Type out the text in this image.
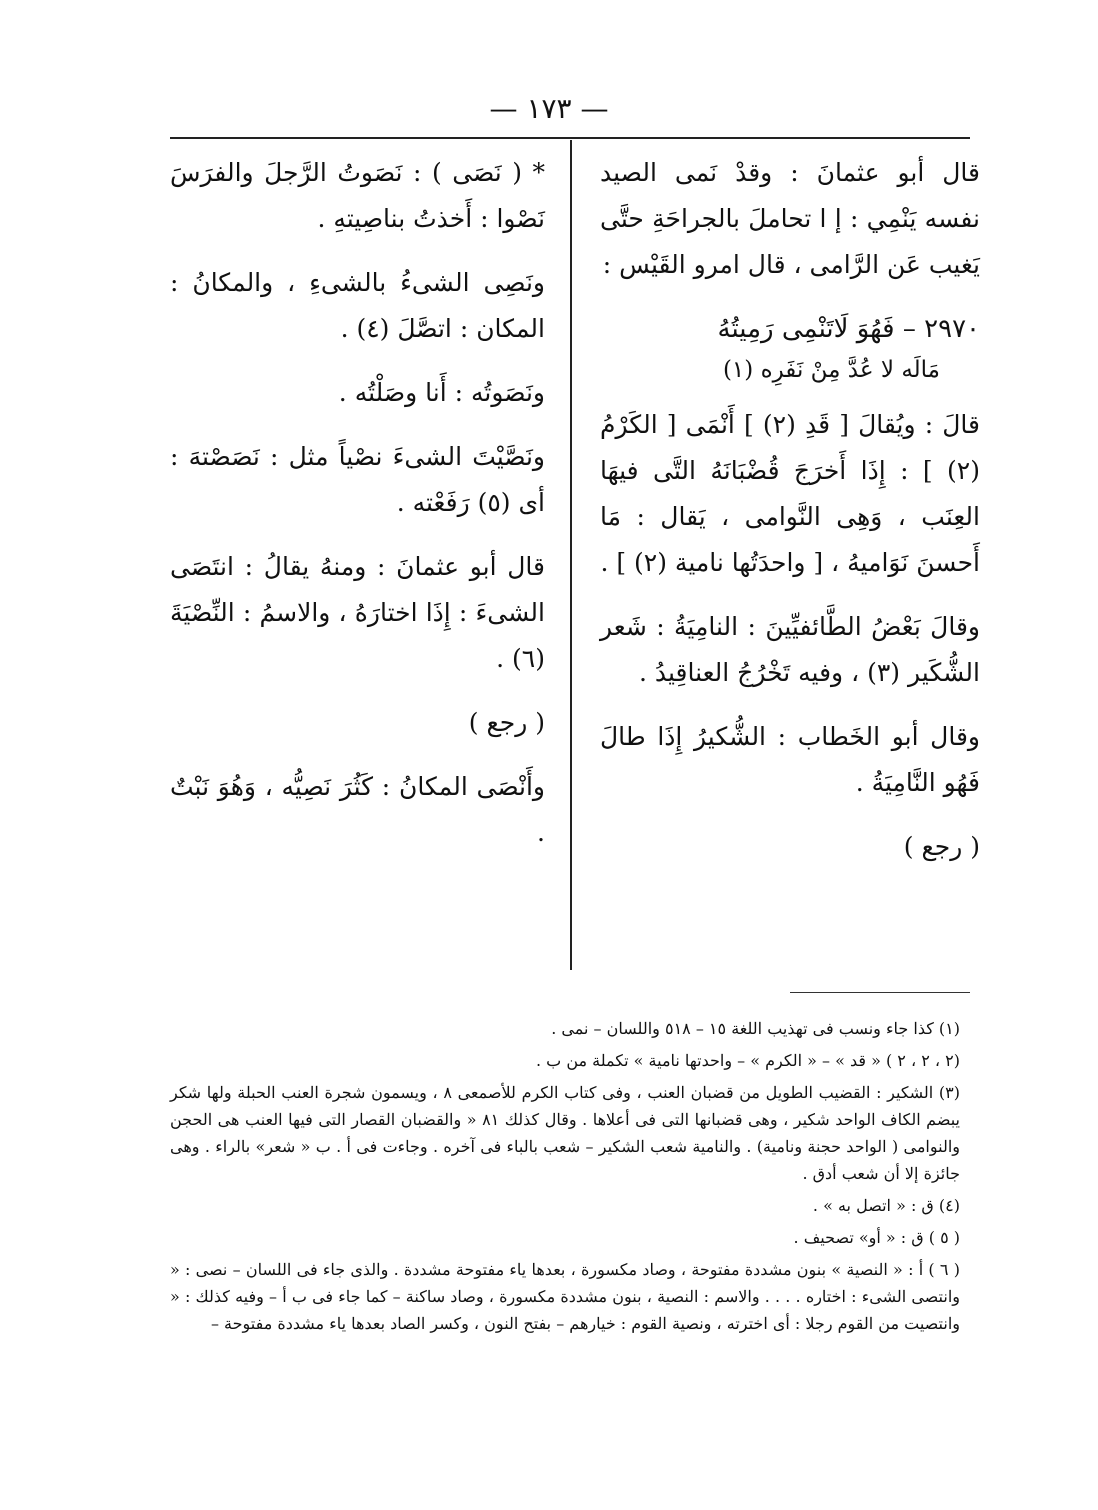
— ١٧٣ —

قال أبو عثمانَ : وقدْ نَمى الصيد نفسه يَنْمِي : إ ا تحاملَ بالجراحَةِ حتَّى يَغيب عَن الرَّامى ، قال امرو القَيْس :

٢٩٧٠ – فَهُوَ لَاتَنْمِى رَمِيتُهُ
مَالَه لا عُدَّ مِنْ نَفَرِه (١)

قالَ : ويُقالَ [ قَدِ (٢) ] أَنْمَى [ الكَرْمُ (٢) ] : إِذَا أَخرَجَ قُضْبَانَهُ التَّى فيهَا العِنَب ، وَهِى النَّوامى ، يَقال : مَا أَحسنَ نَوَاميهُ ، [ واحدَتُها نامية (٢) ] .

وقالَ بَعْضُ الطَّائفيِّينَ : النامِيَةُ : شَعر الشُّكَير (٣) ، وفيه تَخْرُجُ العناقِيدُ .

وقال أبو الخَطاب : الشُّكيرُ إِذَا طالَ فَهُو النَّامِيَةُ .

( رجع )

* ( نَصَى ) : نَصَوتُ الرَّجلَ والفرَسَ نَصْوا : أَخذتُ بناصِيتهِ .

ونَصِى الشىءُ بالشىءِ ، والمكانُ : المكان : اتصَّلَ (٤) .

ونَصَوتُه : أَنا وصَلْتُه .

ونَصَّيْتَ الشىءَ نصْياً مثل : نَصَصْتهَ : أى (٥) رَفَعْته .

قال أبو عثمانَ : ومنهُ يقالُ : انتَصَى الشىءَ : إِذَا اختارَهُ ، والاسمُ : النِّصْيَةَ (٦) .

( رجع )

وأَنْصَى المكانُ : كَثُرَ نَصِيُّه ، وَهُوَ نَبْتٌ .

(١) كذا جاء ونسب فى تهذيب اللغة ١٥ – ٥١٨ واللسان – نمى .

(٢ ، ٢ ، ٢ ) « قد » – « الكرم » – واحدتها نامية » تكملة من ب .

(٣) الشكير : القضيب الطويل من قضبان العنب ، وفى كتاب الكرم للأصمعى ٨ ، ويسمون شجرة العنب الحبلة ولها شكر يبضم الكاف الواحد شكير ، وهى قضبانها التى فى أعلاها . وقال كذلك ٨١ « والقضبان القصار التى فيها العنب هى الحجن والنوامى ( الواحد حجنة ونامية) . والنامية شعب الشكير – شعب بالباء فى آخره . وجاءت فى أ . ب « شعر» بالراء . وهى جائزة إلا أن شعب أدق .

(٤) ق : « اتصل به » .

( ٥ ) ق : « أو» تصحيف .

( ٦ ) أ : « النصية » بنون مشددة مفتوحة ، وصاد مكسورة ، بعدها ياء مفتوحة مشددة . والذى جاء فى اللسان – نصى : « وانتصى الشىء : اختاره . . . . والاسم : النصية ، بنون مشددة مكسورة ، وصاد ساكنة – كما جاء فى ب أ – وفيه كذلك : « وانتصيت من القوم رجلا : أى اخترته ، ونصية القوم : خيارهم – بفتح النون ، وكسر الصاد بعدها ياء مشددة مفتوحة –
